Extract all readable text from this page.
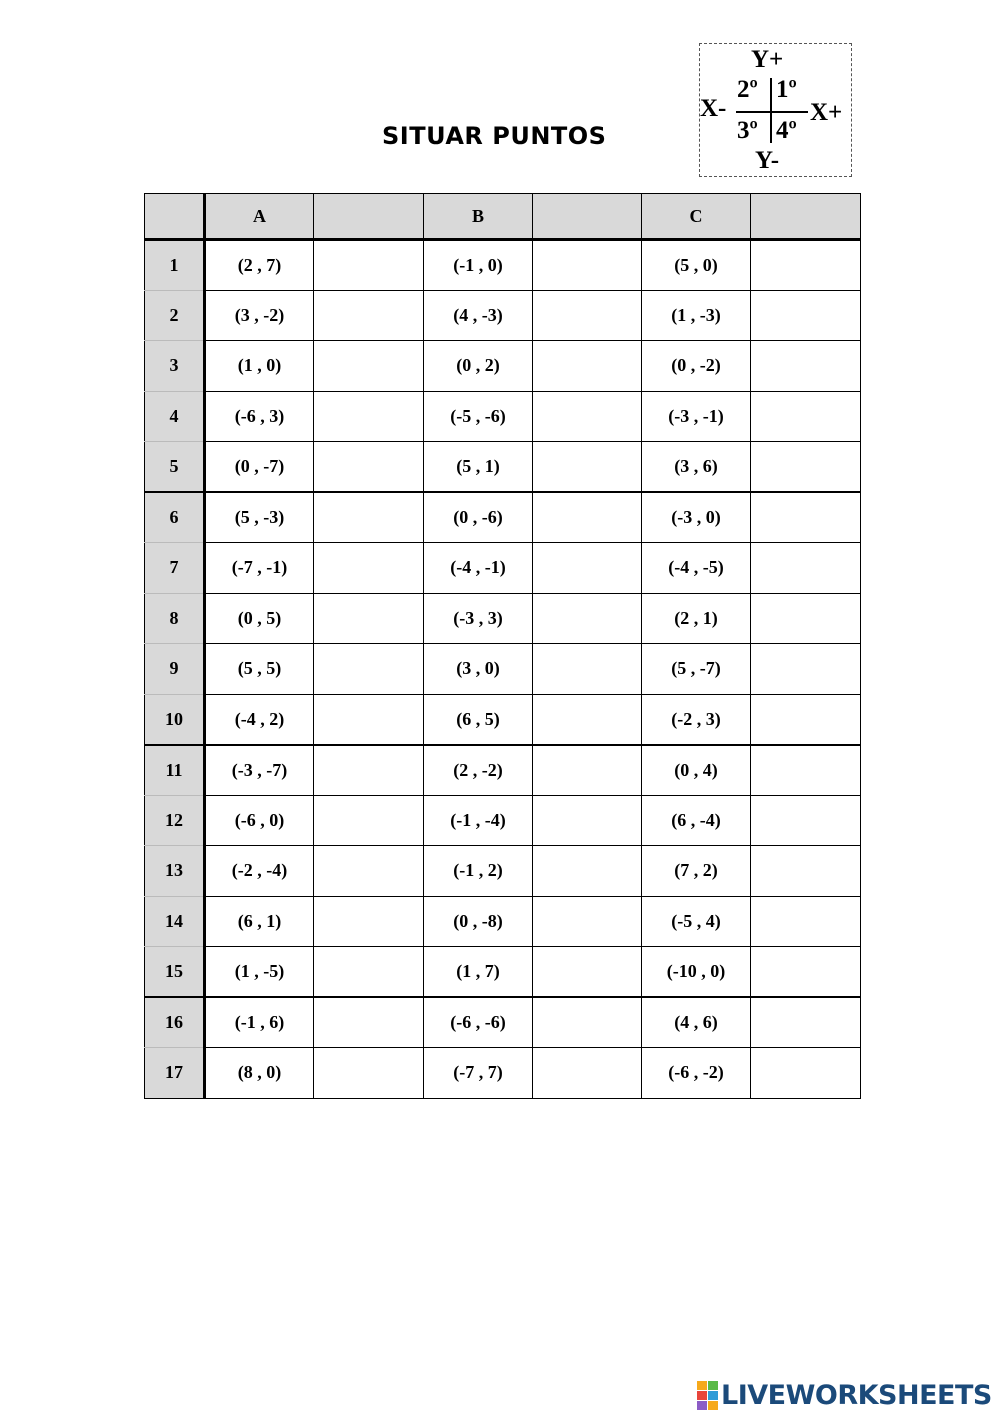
SITUAR PUNTOS
Y+
X-	X+
Y-
2º 1º
3º 4º
	A		B		C	
1	(2 , 7)		(-1 , 0)		(5 , 0)	
2	(3 , -2)		(4 , -3)		(1 , -3)	
3	(1 , 0)		(0 , 2)		(0 , -2)	
4	(-6 , 3)		(-5 , -6)		(-3 , -1)	
5	(0 , -7)		(5 , 1)		(3 , 6)	
6	(5 , -3)		(0 , -6)		(-3 , 0)	
7	(-7 , -1)		(-4 , -1)		(-4 , -5)	
8	(0 , 5)		(-3 , 3)		(2 , 1)	
9	(5 , 5)		(3 , 0)		(5 , -7)	
10	(-4 , 2)		(6 , 5)		(-2 , 3)	
11	(-3 , -7)		(2 , -2)		(0 , 4)	
12	(-6 , 0)		(-1 , -4)		(6 , -4)	
13	(-2 , -4)		(-1 , 2)		(7 , 2)	
14	(6 , 1)		(0 , -8)		(-5 , 4)	
15	(1 , -5)		(1 , 7)		(-10 , 0)	
16	(-1 , 6)		(-6 , -6)		(4 , 6)	
17	(8 , 0)		(-7 , 7)		(-6 , -2)	
LIVEWORKSHEETS
